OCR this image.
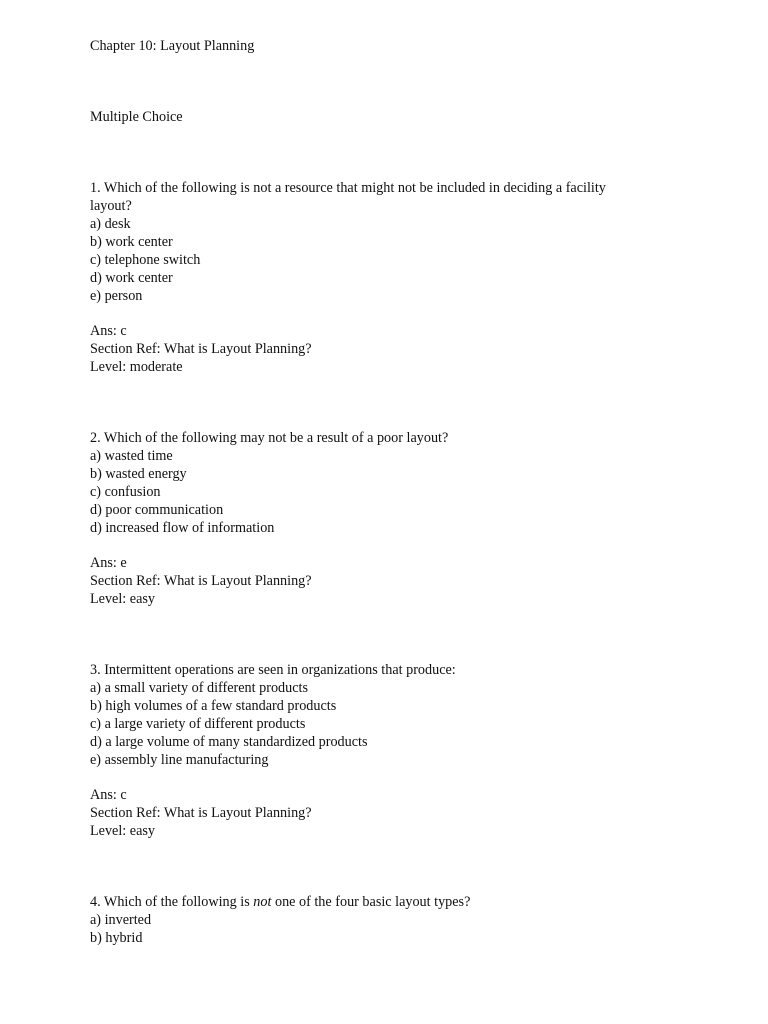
Chapter 10: Layout Planning
Multiple Choice
1. Which of the following is not a resource that might not be included in deciding a facility layout?
a) desk
b) work center
c) telephone switch
d) work center
e) person
Ans: c
Section Ref: What is Layout Planning?
Level: moderate
2. Which of the following may not be a result of a poor layout?
a) wasted time
b) wasted energy
c) confusion
d) poor communication
d) increased flow of information
Ans: e
Section Ref: What is Layout Planning?
Level: easy
3. Intermittent operations are seen in organizations that produce:
a) a small variety of different products
b) high volumes of a few standard products
c) a large variety of different products
d) a large volume of many standardized products
e) assembly line manufacturing
Ans: c
Section Ref: What is Layout Planning?
Level: easy
4. Which of the following is not one of the four basic layout types?
a) inverted
b) hybrid
